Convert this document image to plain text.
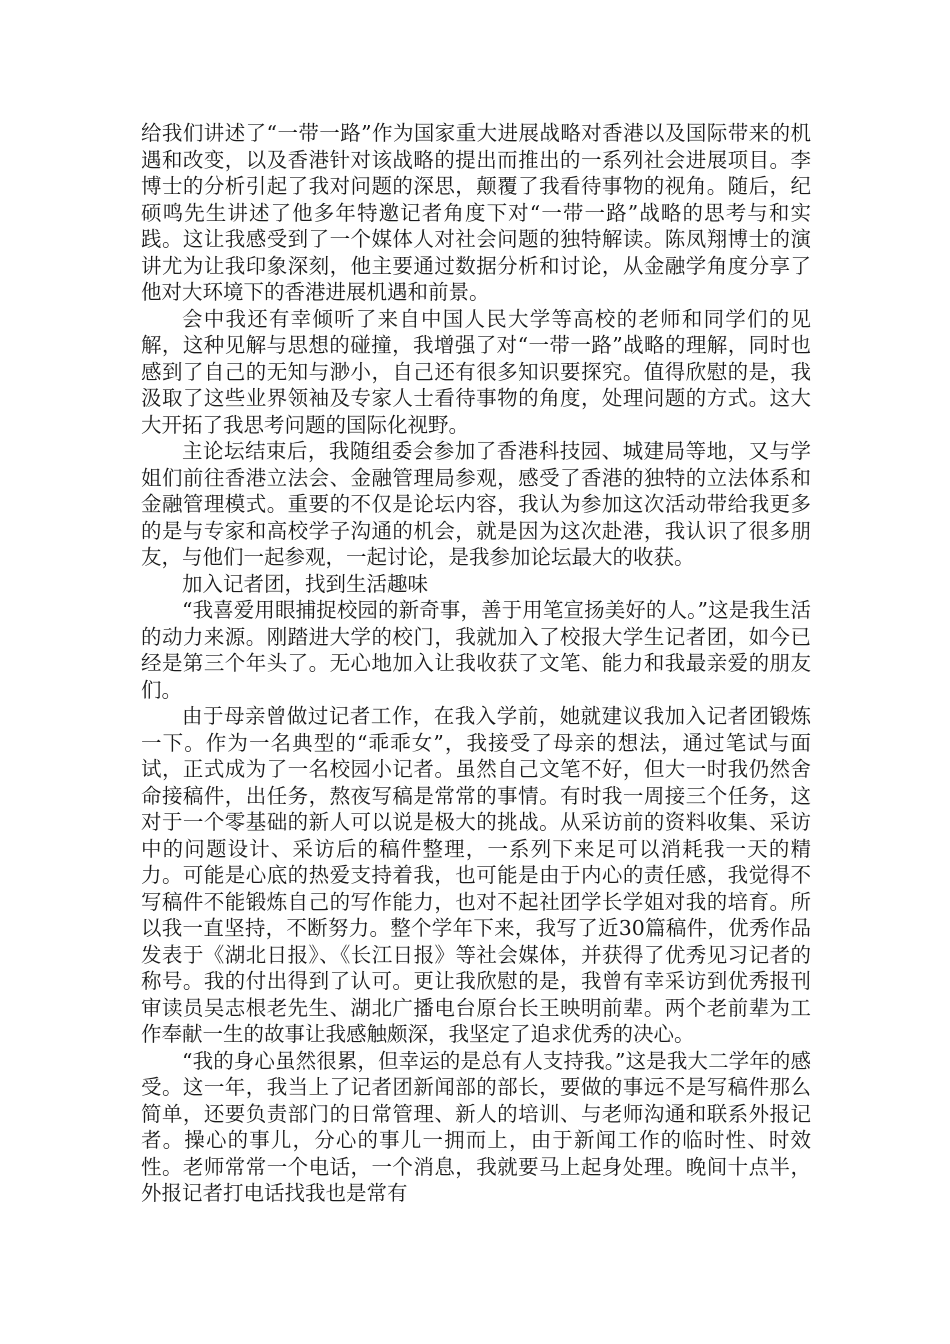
给我们讲述了“一带一路”作为国家重大进展战略对香港以及国际带来的机遇和改变，以及香港针对该战略的提出而推出的一系列社会进展项目。李博士的分析引起了我对问题的深思，颠覆了我看待事物的视角。随后，纪硕鸣先生讲述了他多年特邀记者角度下对“一带一路”战略的思考与和实践。这让我感受到了一个媒体人对社会问题的独特解读。陈凤翔博士的演讲尤为让我印象深刻，他主要通过数据分析和讨论，从金融学角度分享了他对大环境下的香港进展机遇和前景。

会中我还有幸倾听了来自中国人民大学等高校的老师和同学们的见解，这种见解与思想的碰撞，我增强了对“一带一路”战略的理解，同时也感到了自己的无知与渺小，自己还有很多知识要探究。值得欣慰的是，我汲取了这些业界领袖及专家人士看待事物的角度，处理问题的方式。这大大开拓了我思考问题的国际化视野。

主论坛结束后，我随组委会参加了香港科技园、城建局等地，又与学姐们前往香港立法会、金融管理局参观，感受了香港的独特的立法体系和金融管理模式。重要的不仅是论坛内容，我认为参加这次活动带给我更多的是与专家和高校学子沟通的机会，就是因为这次赴港，我认识了很多朋友，与他们一起参观，一起讨论，是我参加论坛最大的收获。

加入记者团，找到生活趣味

“我喜爱用眼捕捉校园的新奇事，善于用笔宣扬美好的人。”这是我生活的动力来源。刚踏进大学的校门，我就加入了校报大学生记者团，如今已经是第三个年头了。无心地加入让我收获了文笔、能力和我最亲爱的朋友们。

由于母亲曾做过记者工作，在我入学前，她就建议我加入记者团锻炼一下。作为一名典型的“乖乖女”，我接受了母亲的想法，通过笔试与面试，正式成为了一名校园小记者。虽然自己文笔不好，但大一时我仍然舍命接稿件，出任务，熬夜写稿是常常的事情。有时我一周接三个任务，这对于一个零基础的新人可以说是极大的挑战。从采访前的资料收集、采访中的问题设计、采访后的稿件整理，一系列下来足可以消耗我一天的精力。可能是心底的热爱支持着我，也可能是由于内心的责任感，我觉得不写稿件不能锻炼自己的写作能力，也对不起社团学长学姐对我的培育。所以我一直坚持，不断努力。整个学年下来，我写了近30篇稿件，优秀作品发表于《湖北日报》、《长江日报》等社会媒体，并获得了优秀见习记者的称号。我的付出得到了认可。更让我欣慰的是，我曾有幸采访到优秀报刊审读员吴志根老先生、湖北广播电台原台长王映明前辈。两个老前辈为工作奉献一生的故事让我感触颇深，我坚定了追求优秀的决心。

“我的身心虽然很累，但幸运的是总有人支持我。”这是我大二学年的感受。这一年，我当上了记者团新闻部的部长，要做的事远不是写稿件那么简单，还要负责部门的日常管理、新人的培训、与老师沟通和联系外报记者。操心的事儿，分心的事儿一拥而上，由于新闻工作的临时性、时效性。老师常常一个电话，一个消息，我就要马上起身处理。晚间十点半，外报记者打电话找我也是常有
